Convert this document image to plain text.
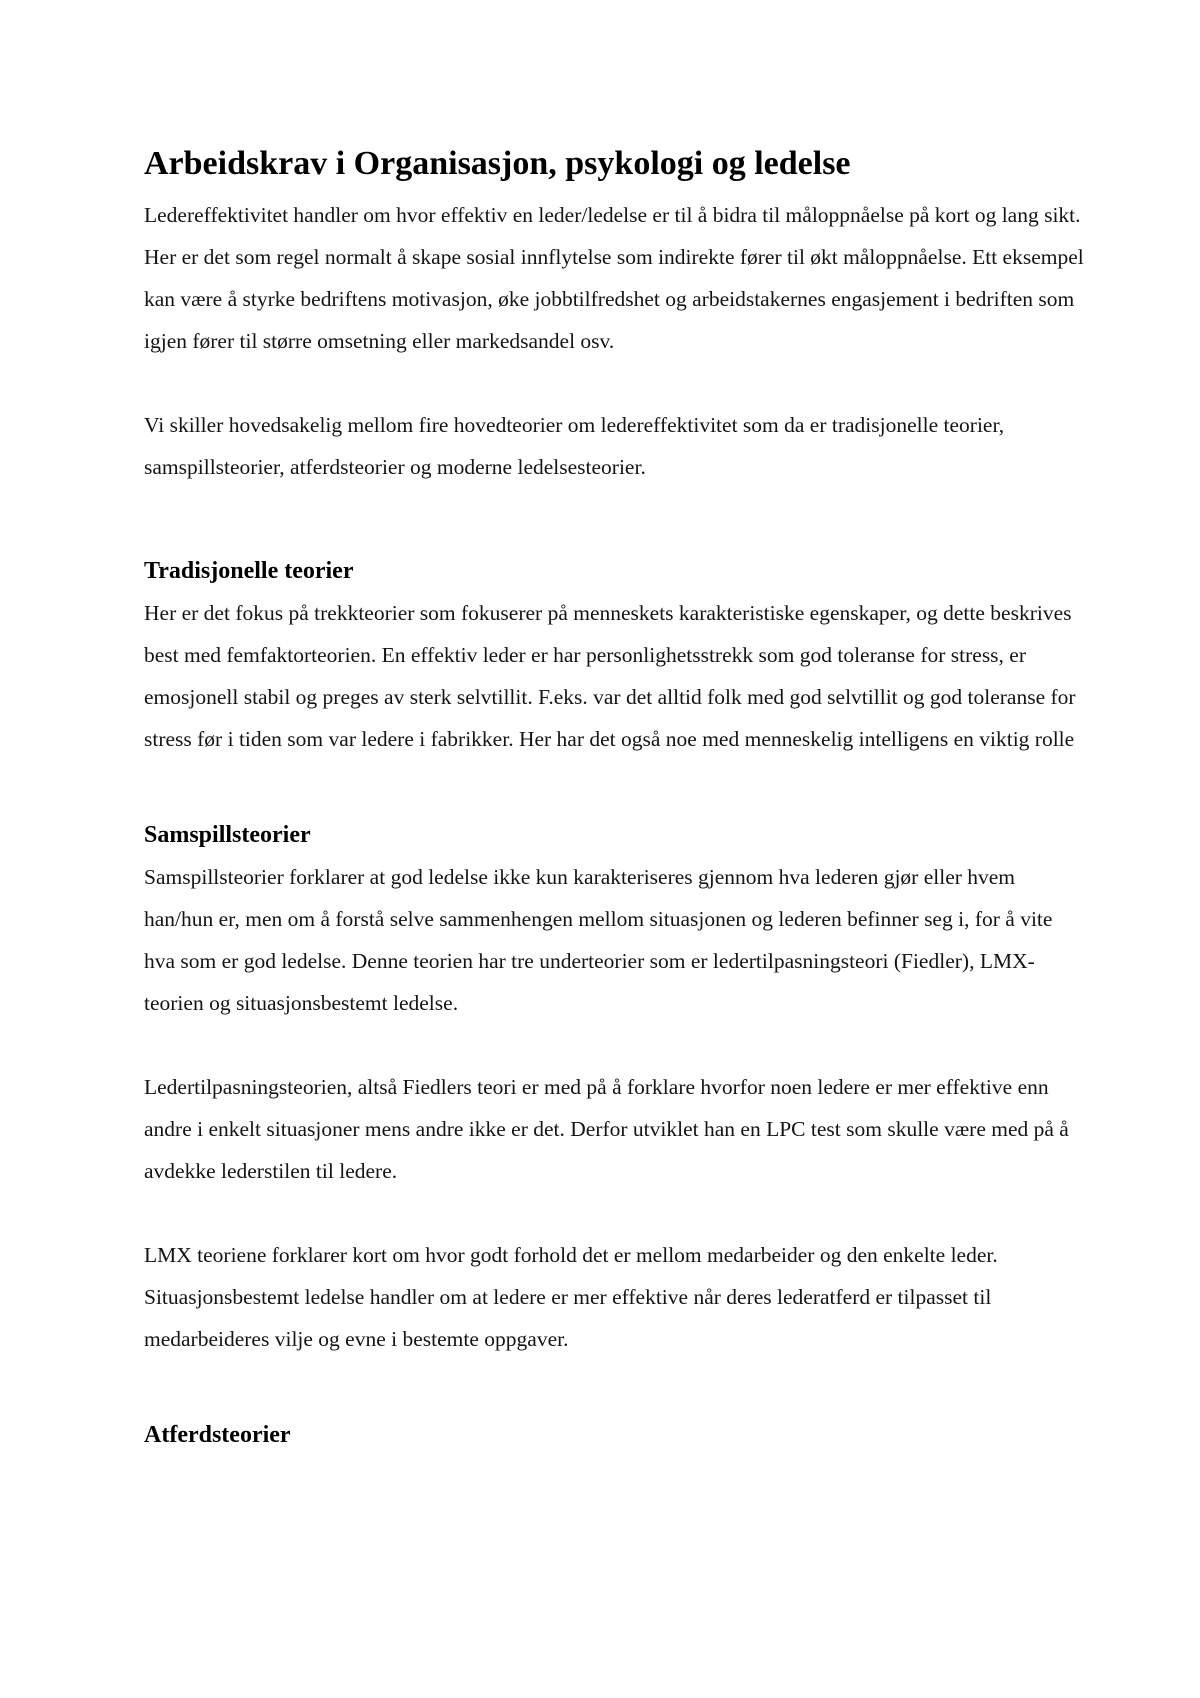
Arbeidskrav i Organisasjon, psykologi og ledelse

Ledereffektivitet handler om hvor effektiv en leder/ledelse er til å bidra til måloppnåelse på kort og lang sikt. Her er det som regel normalt å skape sosial innflytelse som indirekte fører til økt måloppnåelse. Ett eksempel kan være å styrke bedriftens motivasjon, øke jobbtilfredshet og arbeidstakernes engasjement i bedriften som igjen fører til større omsetning eller markedsandel osv.

Vi skiller hovedsakelig mellom fire hovedteorier om ledereffektivitet som da er tradisjonelle teorier, samspillsteorier, atferdsteorier og moderne ledelsesteorier.

Tradisjonelle teorier

Her er det fokus på trekkteorier som fokuserer på menneskets karakteristiske egenskaper, og dette beskrives best med femfaktorteorien. En effektiv leder er har personlighetsstrekk som god toleranse for stress, er emosjonell stabil og preges av sterk selvtillit. F.eks. var det alltid folk med god selvtillit og god toleranse for stress før i tiden som var ledere i fabrikker. Her har det også noe med menneskelig intelligens en viktig rolle

Samspillsteorier

Samspillsteorier forklarer at god ledelse ikke kun karakteriseres gjennom hva lederen gjør eller hvem han/hun er, men om å forstå selve sammenhengen mellom situasjonen og lederen befinner seg i, for å vite hva som er god ledelse. Denne teorien har tre underteorier som er ledertilpasningsteori (Fiedler), LMX-teorien og situasjonsbestemt ledelse.

Ledertilpasningsteorien, altså Fiedlers teori er med på å forklare hvorfor noen ledere er mer effektive enn andre i enkelt situasjoner mens andre ikke er det. Derfor utviklet han en LPC test som skulle være med på å avdekke lederstilen til ledere.

LMX teoriene forklarer kort om hvor godt forhold det er mellom medarbeider og den enkelte leder.

Situasjonsbestemt ledelse handler om at ledere er mer effektive når deres lederatferd er tilpasset til medarbeideres vilje og evne i bestemte oppgaver.

Atferdsteorier
